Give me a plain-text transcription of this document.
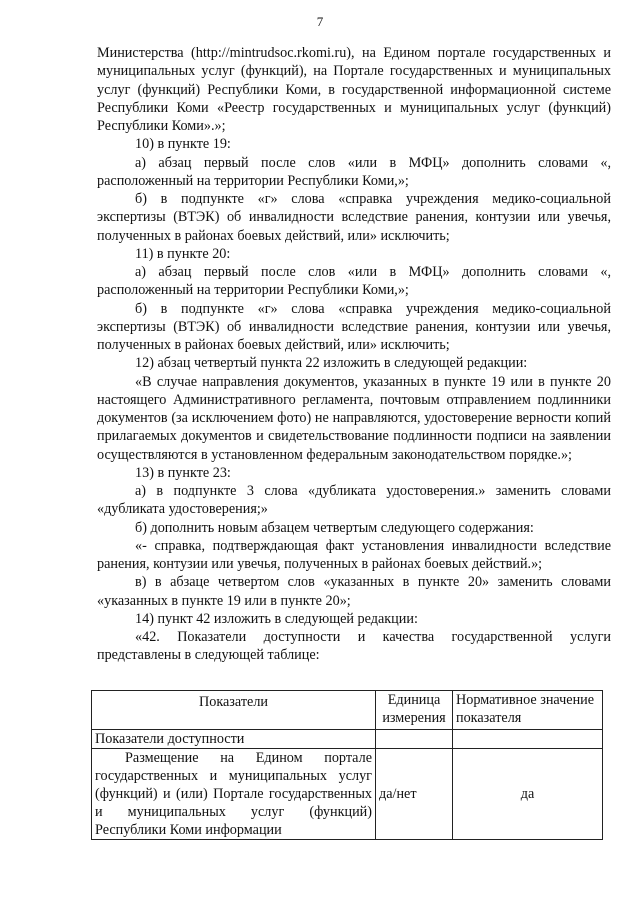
7

Министерства (http://mintrudsoc.rkomi.ru), на Едином портале государственных и муниципальных услуг (функций), на Портале государственных и муниципальных услуг (функций) Республики Коми, в государственной информационной системе Республики Коми «Реестр государственных и муниципальных услуг (функций) Республики Коми».»;

10) в пункте 19:

а) абзац первый после слов «или в МФЦ» дополнить словами «, расположенный на территории Республики Коми,»;

б) в подпункте «г» слова «справка учреждения медико-социальной экспертизы (ВТЭК) об инвалидности вследствие ранения, контузии или увечья, полученных в районах боевых действий, или» исключить;

11) в пункте 20:

а) абзац первый после слов «или в МФЦ» дополнить словами «, расположенный на территории Республики Коми,»;

б) в подпункте «г» слова «справка учреждения медико-социальной экспертизы (ВТЭК) об инвалидности вследствие ранения, контузии или увечья, полученных в районах боевых действий, или» исключить;

12) абзац четвертый пункта 22 изложить в следующей редакции:

«В случае направления документов, указанных в пункте 19 или в пункте 20 настоящего Административного регламента, почтовым отправлением подлинники документов (за исключением фото) не направляются, удостоверение верности копий прилагаемых документов и свидетельствование подлинности подписи на заявлении осуществляются в установленном федеральным законодательством порядке.»;

13) в пункте 23:

а) в подпункте 3 слова «дубликата удостоверения.» заменить словами «дубликата удостоверения;»

б) дополнить новым абзацем четвертым следующего содержания:

«- справка, подтверждающая факт установления инвалидности вследствие ранения, контузии или увечья, полученных в районах боевых действий.»;

в) в абзаце четвертом слов «указанных в пункте 20» заменить словами «указанных в пункте 19 или в пункте 20»;

14) пункт 42 изложить в следующей редакции:

«42. Показатели доступности и качества государственной услуги представлены в следующей таблице:

Показатели	Единица измерения	Нормативное значение показателя
Показатели доступности		
Размещение на Едином портале государственных и муниципальных услуг (функций) и (или) Портале государственных и муниципальных услуг (функций) Республики Коми информации	да/нет	да
